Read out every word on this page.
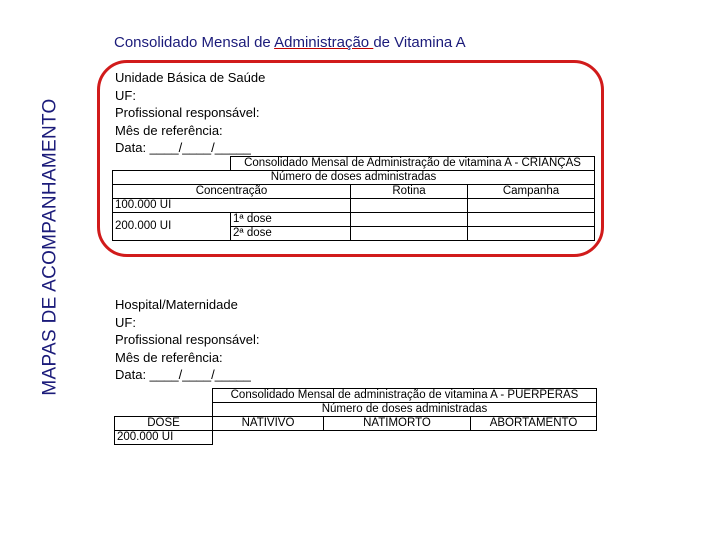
MAPAS DE ACOMPANHAMENTO
Consolidado Mensal de Administração de Vitamina A
Unidade Básica de Saúde
UF:
Profissional responsável:
Mês de referência:
Data: ____/____/_____
	Consolidado Mensal de Administração de vitamina A - CRIANÇAS		
Número de doses administradas			
Concentração		Rotina	Campanha
100.000 UI			
200.000 UI	1ª dose		
	2ª dose		
Hospital/Maternidade
UF:
Profissional responsável:
Mês de referência:
Data: ____/____/_____
	Consolidado Mensal de administração de vitamina A - PUÉRPERAS		
	Número de doses administradas		
DOSE	NATIVIVO	NATIMORTO	ABORTAMENTO
200.000 UI			
